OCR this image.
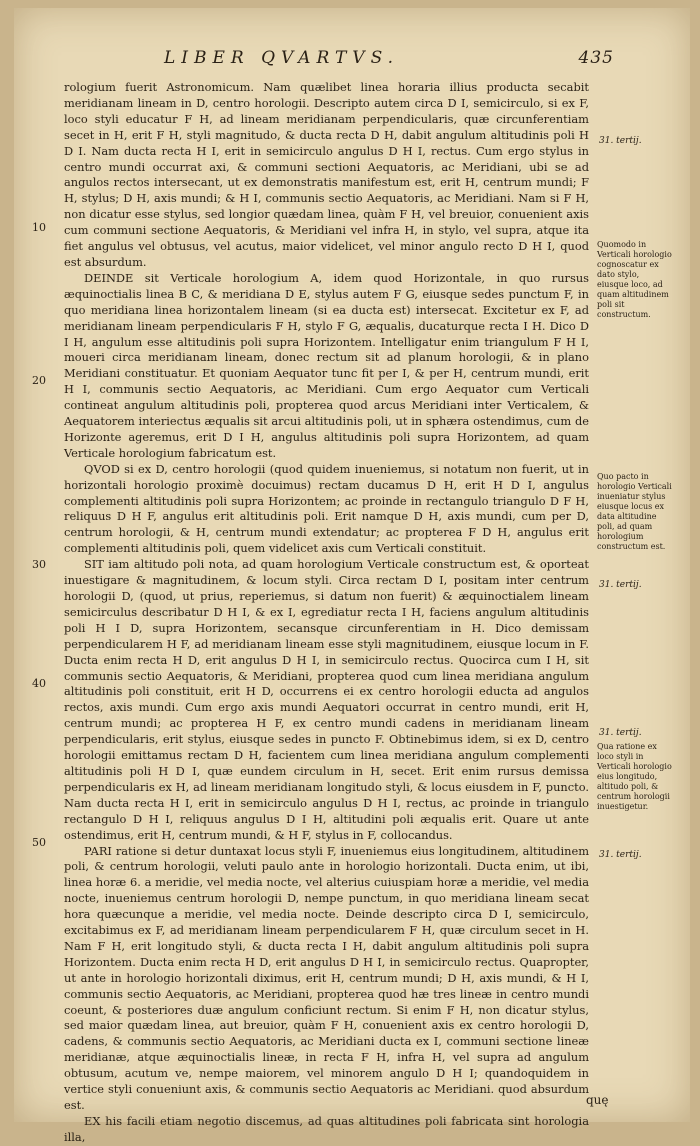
LIBER QVARTVS.	435

rologium fuerit Astronomicum. Nam quælibet linea horaria illius producta secabit meridianam lineam in D, centro horologii. Descripto autem circa D I, semicirculo, si ex F, loco styli educatur F H, ad lineam meridianam perpendicularis, quæ circunferentiam secet in H, erit F H, styli magnitudo, & ducta recta D H, dabit angulum altitudinis poli H D I. Nam ducta recta H I, erit in semicirculo angulus D H I, rectus. Cum ergo stylus in centro mundi occurrat axi, & communi sectioni Aequatoris, ac Meridiani, ubi se ad angulos rectos intersecant, ut ex demonstratis manifestum est, erit H, centrum mundi; F H, stylus; D H, axis mundi; & H I, communis sectio Aequatoris, ac Meridiani. Nam si F H, non dicatur esse stylus, sed longior quædam linea, quàm F H, vel breuior, conuenient axis cum communi sectione Aequatoris, & Meridiani vel infra H, in stylo, vel supra, atque ita fiet angulus vel obtusus, vel acutus, maior videlicet, vel minor angulo recto D H I, quod est absurdum.

DEINDE sit Verticale horologium A, idem quod Horizontale, in quo rursus æquinoctialis linea B C, & meridiana D E, stylus autem F G, eiusque sedes punctum F, in quo meridiana linea horizontalem lineam (si ea ducta est) intersecat. Excitetur ex F, ad meridianam lineam perpendicularis F H, stylo F G, æqualis, ducaturque recta I H. Dico D I H, angulum esse altitudinis poli supra Horizontem. Intelligatur enim triangulum F H I, moueri circa meridianam lineam, donec rectum sit ad planum horologii, & in plano Meridiani constituatur. Et quoniam Aequator tunc fit per I, & per H, centrum mundi, erit H I, communis sectio Aequatoris, ac Meridiani. Cum ergo Aequator cum Verticali contineat angulum altitudinis poli, propterea quod arcus Meridiani inter Verticalem, & Aequatorem interiectus æqualis sit arcui altitudinis poli, ut in sphæra ostendimus, cum de Horizonte ageremus, erit D I H, angulus altitudinis poli supra Horizontem, ad quam Verticale horologium fabricatum est.

QVOD si ex D, centro horologii (quod quidem inueniemus, si notatum non fuerit, ut in horizontali horologio proximè docuimus) rectam ducamus D H, erit H D I, angulus complementi altitudinis poli supra Horizontem; ac proinde in rectangulo triangulo D F H, reliquus D H F, angulus erit altitudinis poli. Erit namque D H, axis mundi, cum per D, centrum horologii, & H, centrum mundi extendatur; ac propterea F D H, angulus erit complementi altitudinis poli, quem videlicet axis cum Verticali constituit.

SIT iam altitudo poli nota, ad quam horologium Verticale constructum est, & oporteat inuestigare & magnitudinem, & locum styli. Circa rectam D I, positam inter centrum horologii D, (quod, ut prius, reperiemus, si datum non fuerit) & æquinoctialem lineam semicirculus describatur D H I, & ex I, egrediatur recta I H, faciens angulum altitudinis poli H I D, supra Horizontem, secansque circunferentiam in H. Dico demissam perpendicularem H F, ad meridianam lineam esse styli magnitudinem, eiusque locum in F. Ducta enim recta H D, erit angulus D H I, in semicirculo rectus. Quocirca cum I H, sit communis sectio Aequatoris, & Meridiani, propterea quod cum linea meridiana angulum altitudinis poli constituit, erit H D, occurrens ei ex centro horologii educta ad angulos rectos, axis mundi. Cum ergo axis mundi Aequatori occurrat in centro mundi, erit H, centrum mundi; ac propterea H F, ex centro mundi cadens in meridianam lineam perpendicularis, erit stylus, eiusque sedes in puncto F. Obtinebimus idem, si ex D, centro horologii emittamus rectam D H, facientem cum linea meridiana angulum complementi altitudinis poli H D I, quæ eundem circulum in H, secet. Erit enim rursus demissa perpendicularis ex H, ad lineam meridianam longitudo styli, & locus eiusdem in F, puncto. Nam ducta recta H I, erit in semicirculo angulus D H I, rectus, ac proinde in triangulo rectangulo D H I, reliquus angulus D I H, altitudini poli æqualis erit. Quare ut ante ostendimus, erit H, centrum mundi, & H F, stylus in F, collocandus.

PARI ratione si detur duntaxat locus styli F, inueniemus eius longitudinem, altitudinem poli, & centrum horologii, veluti paulo ante in horologio horizontali. Ducta enim, ut ibi, linea horæ 6. a meridie, vel media nocte, vel alterius cuiuspiam horæ a meridie, vel media nocte, inueniemus centrum horologii D, nempe punctum, in quo meridiana lineam secat hora quæcunque a meridie, vel media nocte. Deinde descripto circa D I, semicirculo, excitabimus ex F, ad meridianam lineam perpendicularem F H, quæ circulum secet in H. Nam F H, erit longitudo styli, & ducta recta I H, dabit angulum altitudinis poli supra Horizontem. Ducta enim recta H D, erit angulus D H I, in semicirculo rectus. Quapropter, ut ante in horologio horizontali diximus, erit H, centrum mundi; D H, axis mundi, & H I, communis sectio Aequatoris, ac Meridiani, propterea quod hæ tres lineæ in centro mundi coeunt, & posteriores duæ angulum conficiunt rectum. Si enim F H, non dicatur stylus, sed maior quædam linea, aut breuior, quàm F H, conuenient axis ex centro horologii D, cadens, & communis sectio Aequatoris, ac Meridiani ducta ex I, communi sectione lineæ meridianæ, atque æquinoctialis lineæ, in recta F H, infra H, vel supra ad angulum obtusum, acutum ve, nempe maiorem, vel minorem angulo D H I; quandoquidem in vertice styli conueniunt axis, & communis sectio Aequatoris ac Meridiani. quod absurdum est.

EX his facili etiam negotio discemus, ad quas altitudines poli fabricata sint horologia illa,

10
20
30
40
50
Quomodo in Verticali horologio cognoscatur ex dato stylo, eiusque loco, ad quam altitudinem poli sit constructum.
Quo pacto in horologio Verticali inueniatur stylus eiusque locus ex data altitudine poli, ad quam horologium constructum est.
Qua ratione ex loco styli in Verticali horologio eius longitudo, altitudo poli, & centrum horologii inuestigetur.
31. tertij.
31. tertij.
31. tertij.
31. tertij.
quę
